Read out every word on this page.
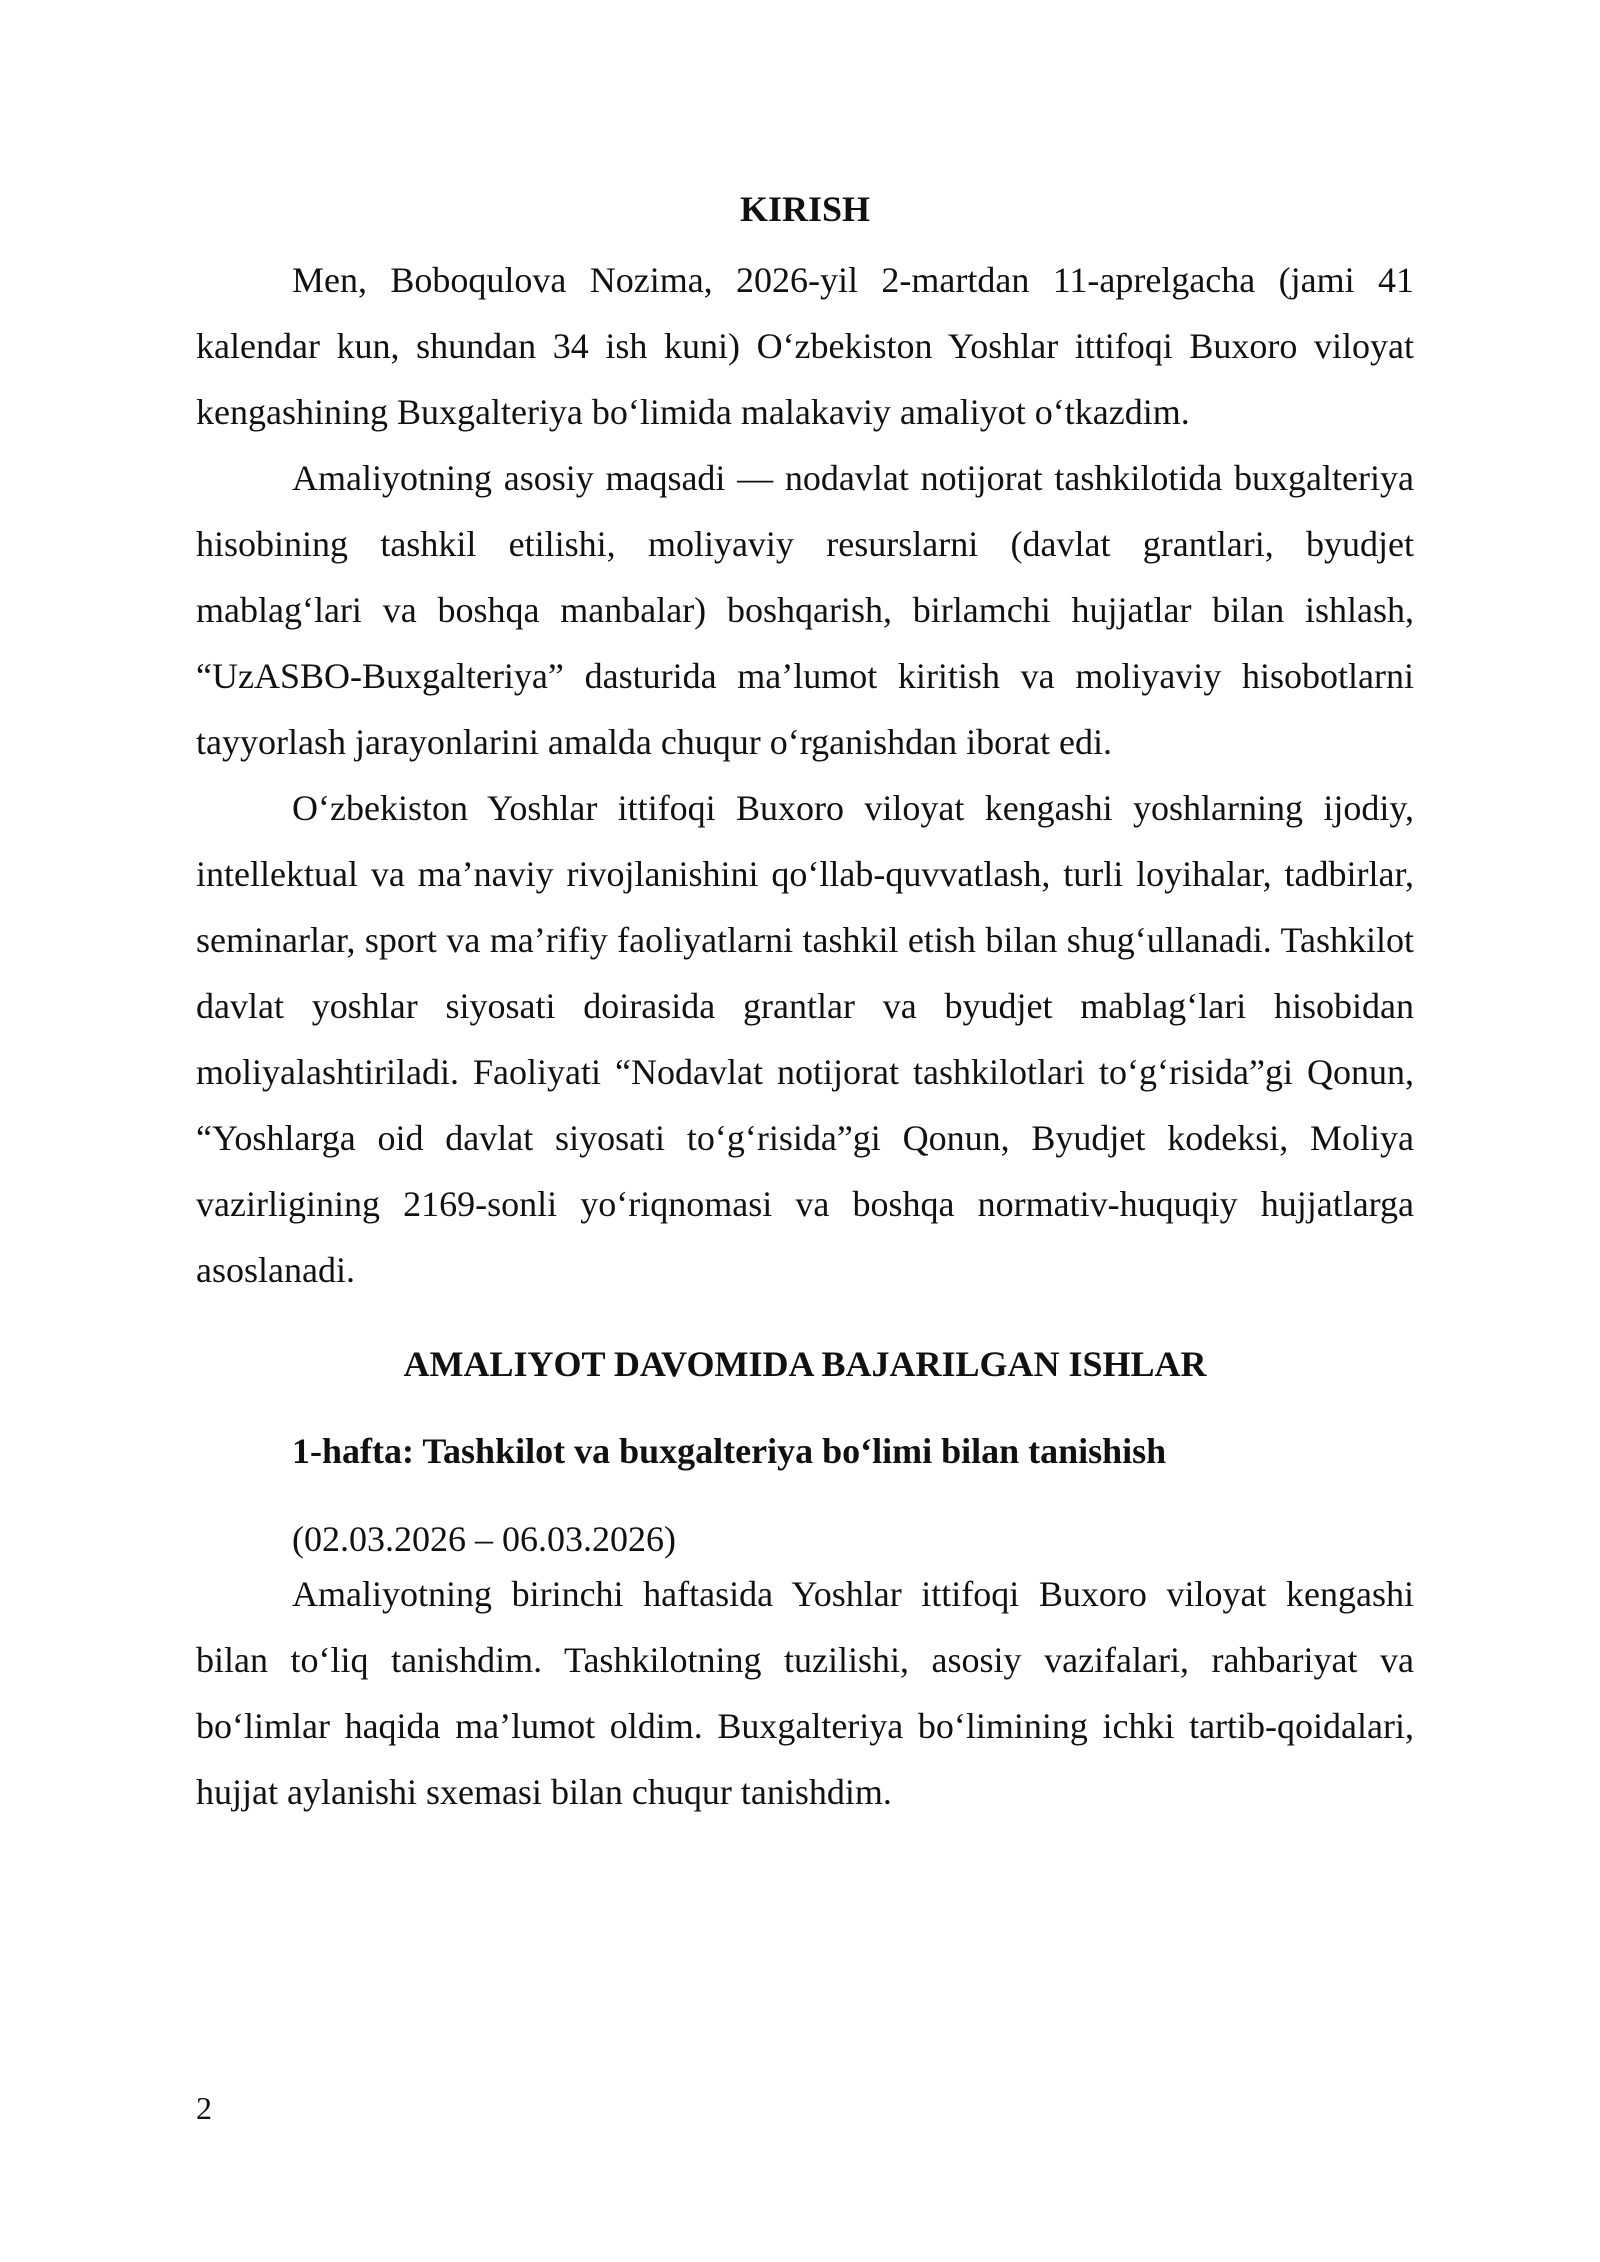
KIRISH

Men, Boboqulova Nozima, 2026-yil 2-martdan 11-aprelgacha (jami 41 kalendar kun, shundan 34 ish kuni) O‘zbekiston Yoshlar ittifoqi Buxoro viloyat kengashining Buxgalteriya bo‘limida malakaviy amaliyot o‘tkazdim.

Amaliyotning asosiy maqsadi — nodavlat notijorat tashkilotida buxgalteriya hisobining tashkil etilishi, moliyaviy resurslarni (davlat grantlari, byudjet mablag‘lari va boshqa manbalar) boshqarish, birlamchi hujjatlar bilan ishlash, “UzASBO-Buxgalteriya” dasturida ma’lumot kiritish va moliyaviy hisobotlarni tayyorlash jarayonlarini amalda chuqur o‘rganishdan iborat edi.

O‘zbekiston Yoshlar ittifoqi Buxoro viloyat kengashi yoshlarning ijodiy, intellektual va ma’naviy rivojlanishini qo‘llab-quvvatlash, turli loyihalar, tadbirlar, seminarlar, sport va ma’rifiy faoliyatlarni tashkil etish bilan shug‘ullanadi. Tashkilot davlat yoshlar siyosati doirasida grantlar va byudjet mablag‘lari hisobidan moliyalashtiriladi. Faoliyati “Nodavlat notijorat tashkilotlari to‘g‘risida”gi Qonun, “Yoshlarga oid davlat siyosati to‘g‘risida”gi Qonun, Byudjet kodeksi, Moliya vazirligining 2169-sonli yo‘riqnomasi va boshqa normativ-huquqiy hujjatlarga asoslanadi.

AMALIYOT DAVOMIDA BAJARILGAN ISHLAR
1-hafta: Tashkilot va buxgalteriya bo‘limi bilan tanishish
(02.03.2026 – 06.03.2026)

Amaliyotning birinchi haftasida Yoshlar ittifoqi Buxoro viloyat kengashi bilan to‘liq tanishdim. Tashkilotning tuzilishi, asosiy vazifalari, rahbariyat va bo‘limlar haqida ma’lumot oldim. Buxgalteriya bo‘limining ichki tartib-qoidalari, hujjat aylanishi sxemasi bilan chuqur tanishdim.

2
